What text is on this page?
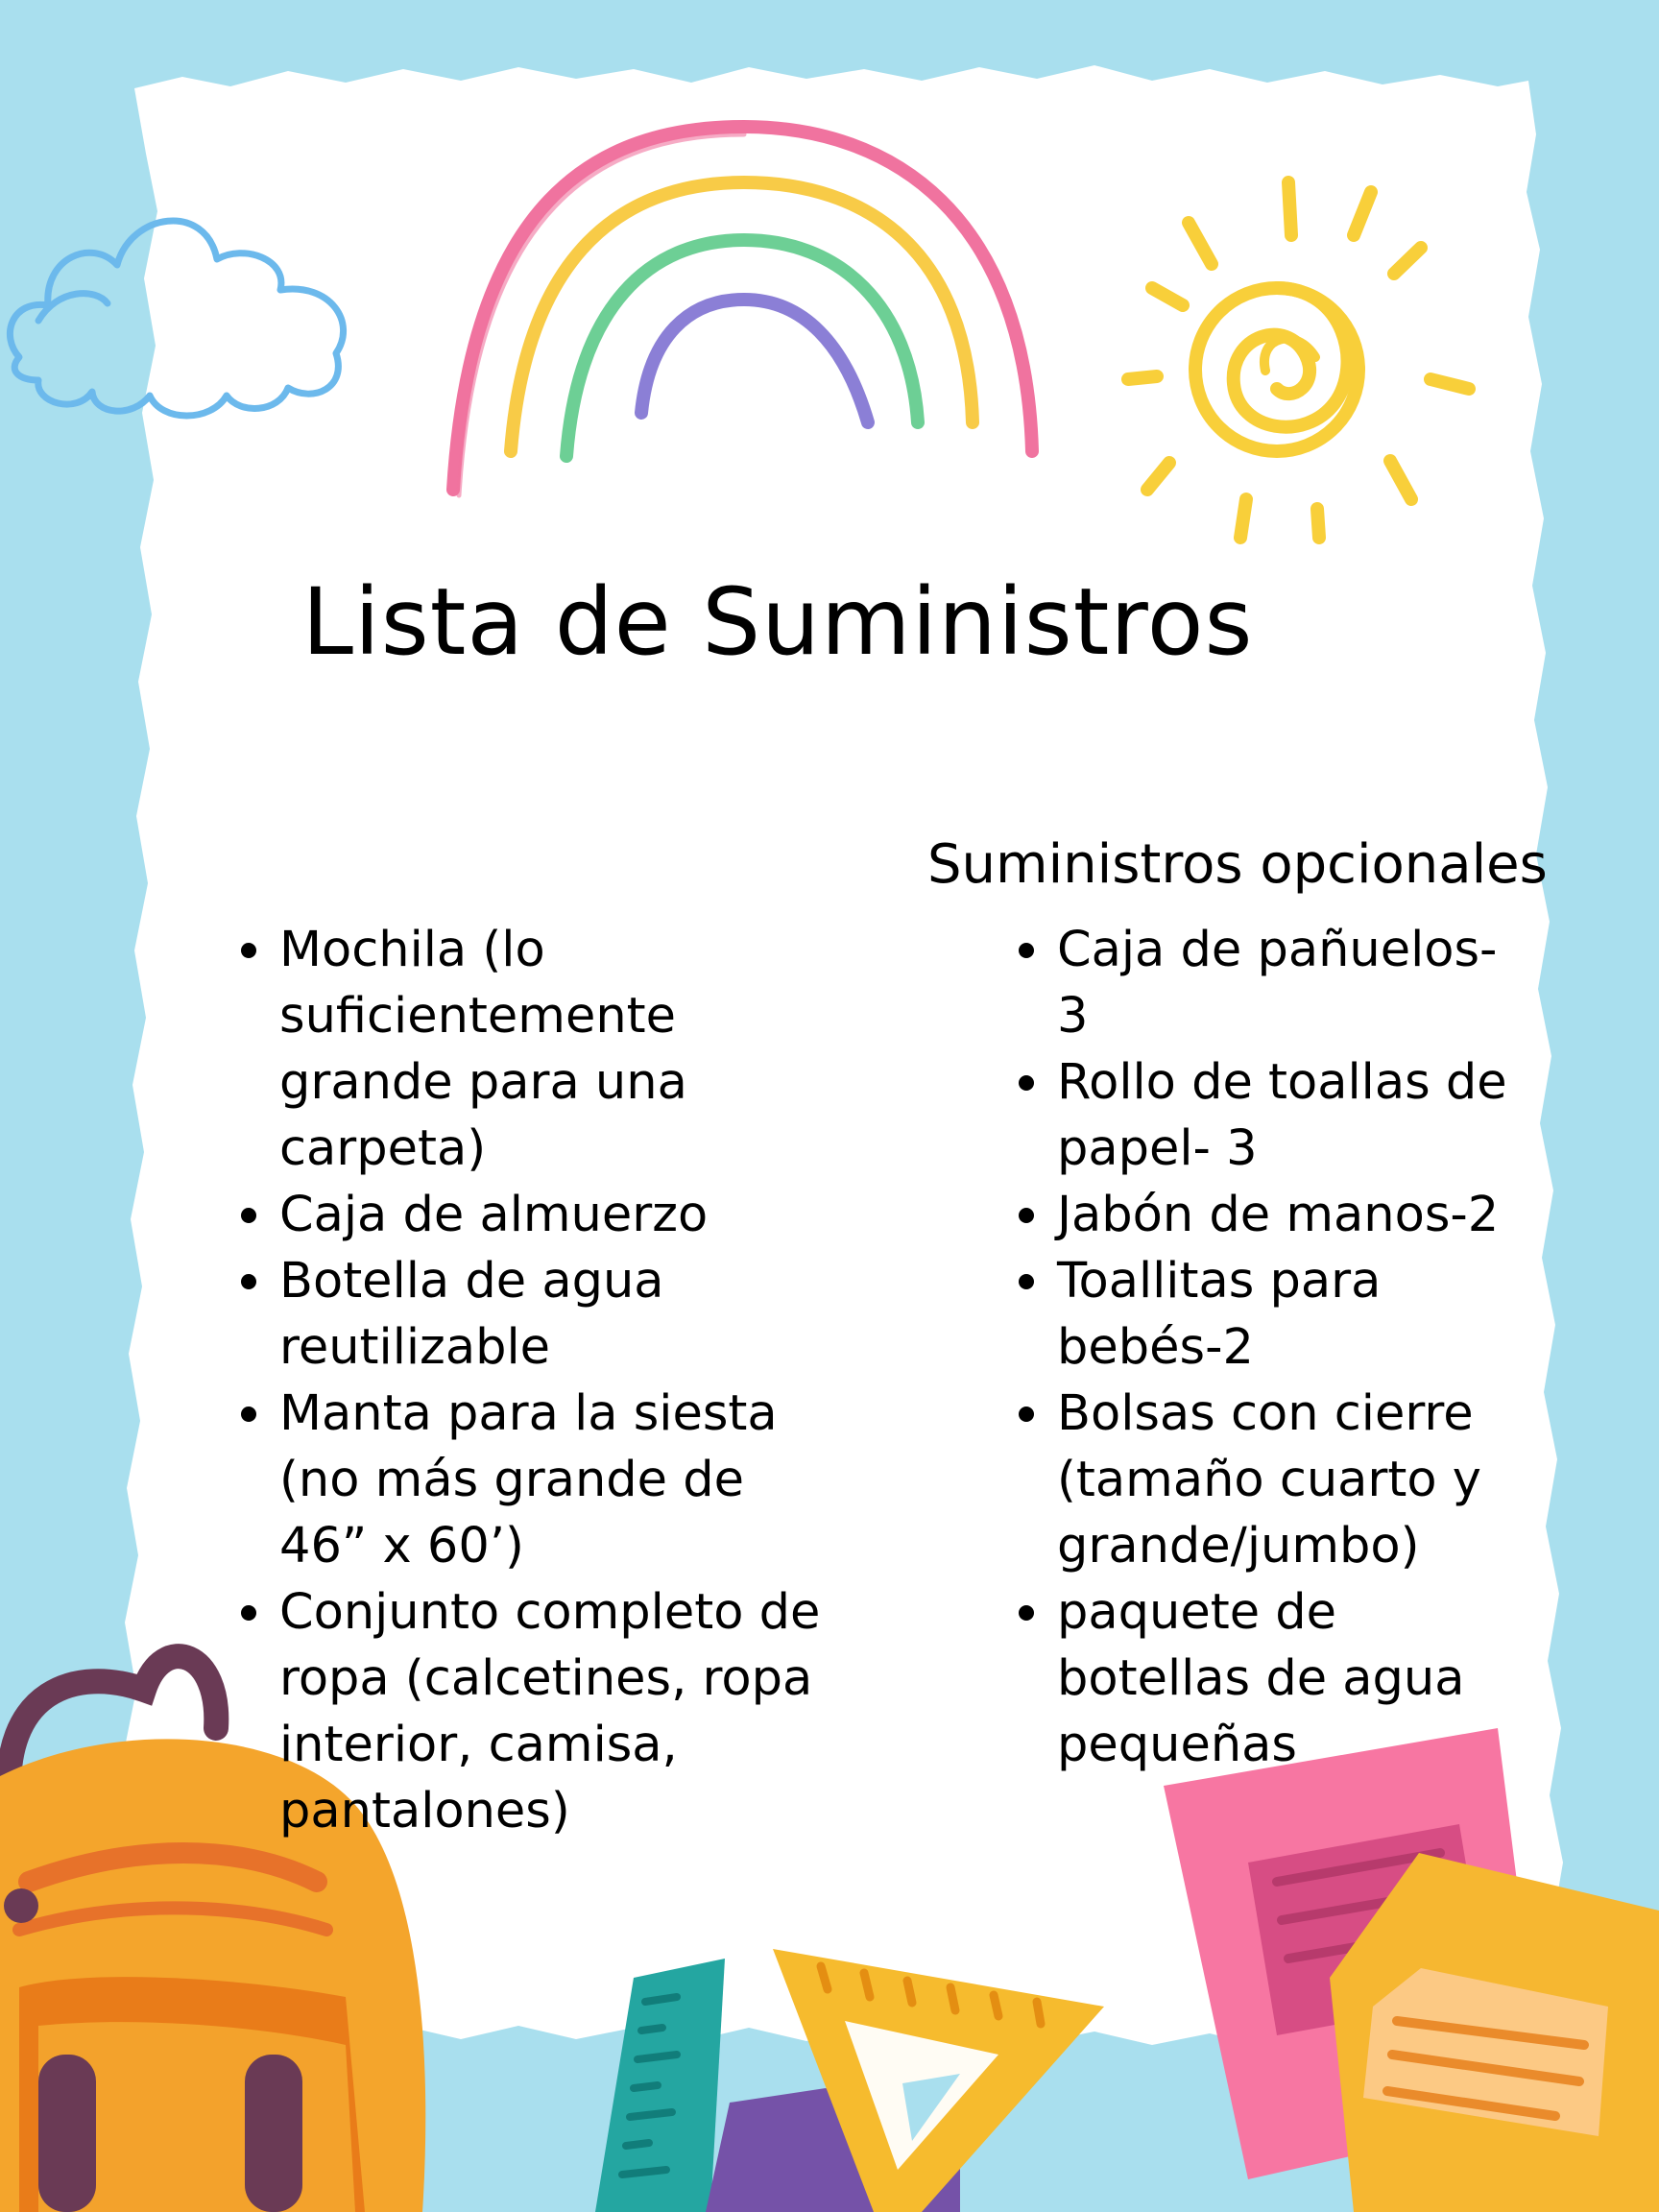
Lista de Suministros
Suministros opcionales
Mochila (lo suficientemente grande para una carpeta)
Caja de almuerzo
Botella de agua reutilizable
Manta para la siesta (no más grande de 46” x 60’)
Conjunto completo de ropa (calcetines, ropa interior, camisa, pantalones)
Caja de pañuelos- 3
Rollo de toallas de papel- 3
Jabón de manos-2
Toallitas para bebés-2
Bolsas con cierre (tamaño cuarto y grande/jumbo)
paquete de botellas de agua pequeñas
